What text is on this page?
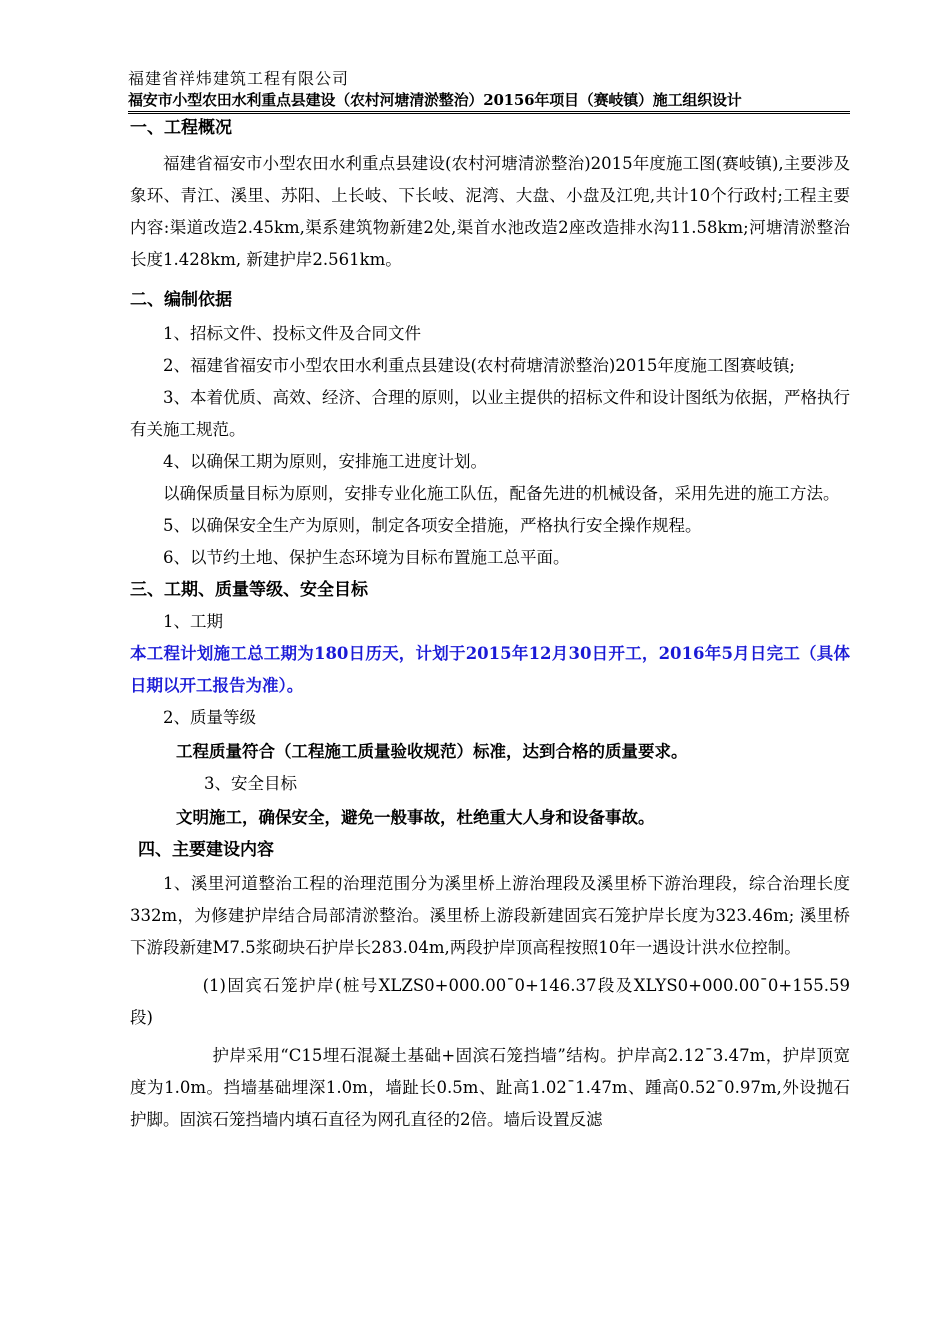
福建省祥炜建筑工程有限公司
福安市小型农田水利重点县建设（农村河塘清淤整治）20156年项目（赛岐镇）施工组织设计
一、工程概况

福建省福安市小型农田水利重点县建设(农村河塘清淤整治)2015年度施工图(赛岐镇),主要涉及象环、青江、溪里、苏阳、上长岐、下长岐、泥湾、大盘、小盘及江兜,共计10个行政村;工程主要内容:渠道改造2.45km,渠系建筑物新建2处,渠首水池改造2座改造排水沟11.58km;河塘清淤整治长度1.428km, 新建护岸2.561km。

二、编制依据

1、招标文件、投标文件及合同文件

2、福建省福安市小型农田水利重点县建设(农村荷塘清淤整治)2015年度施工图赛岐镇;

3、本着优质、高效、经济、合理的原则，以业主提供的招标文件和设计图纸为依据，严格执行有关施工规范。

4、以确保工期为原则，安排施工进度计划。

以确保质量目标为原则，安排专业化施工队伍，配备先进的机械设备，采用先进的施工方法。

5、以确保安全生产为原则，制定各项安全措施，严格执行安全操作规程。

6、以节约土地、保护生态环境为目标布置施工总平面。

三、工期、质量等级、安全目标

1、工期

本工程计划施工总工期为180日历天，计划于2015年12月30日开工，2016年5月日完工（具体日期以开工报告为准）。

2、质量等级

工程质量符合（工程施工质量验收规范）标准，达到合格的质量要求。

3、安全目标

文明施工，确保安全，避免一般事故，杜绝重大人身和设备事故。

四、主要建设内容

1、溪里河道整治工程的治理范围分为溪里桥上游治理段及溪里桥下游治理段，综合治理长度332m，为修建护岸结合局部清淤整治。溪里桥上游段新建固宾石笼护岸长度为323.46m; 溪里桥下游段新建M7.5浆砌块石护岸长283.04m,两段护岸顶高程按照10年一遇设计洪水位控制。

(1)固宾石笼护岸(桩号XLZS0+000.00¯0+146.37段及XLYS0+000.00¯0+155.59段)

护岸采用“C15埋石混凝土基础+固滨石笼挡墙”结构。护岸高2.12¯3.47m，护岸顶宽度为1.0m。挡墙基础埋深1.0m，墙趾长0.5m、趾高1.02¯1.47m、踵高0.52¯0.97m,外设抛石护脚。固滨石笼挡墙内填石直径为网孔直径的2倍。墙后设置反滤
